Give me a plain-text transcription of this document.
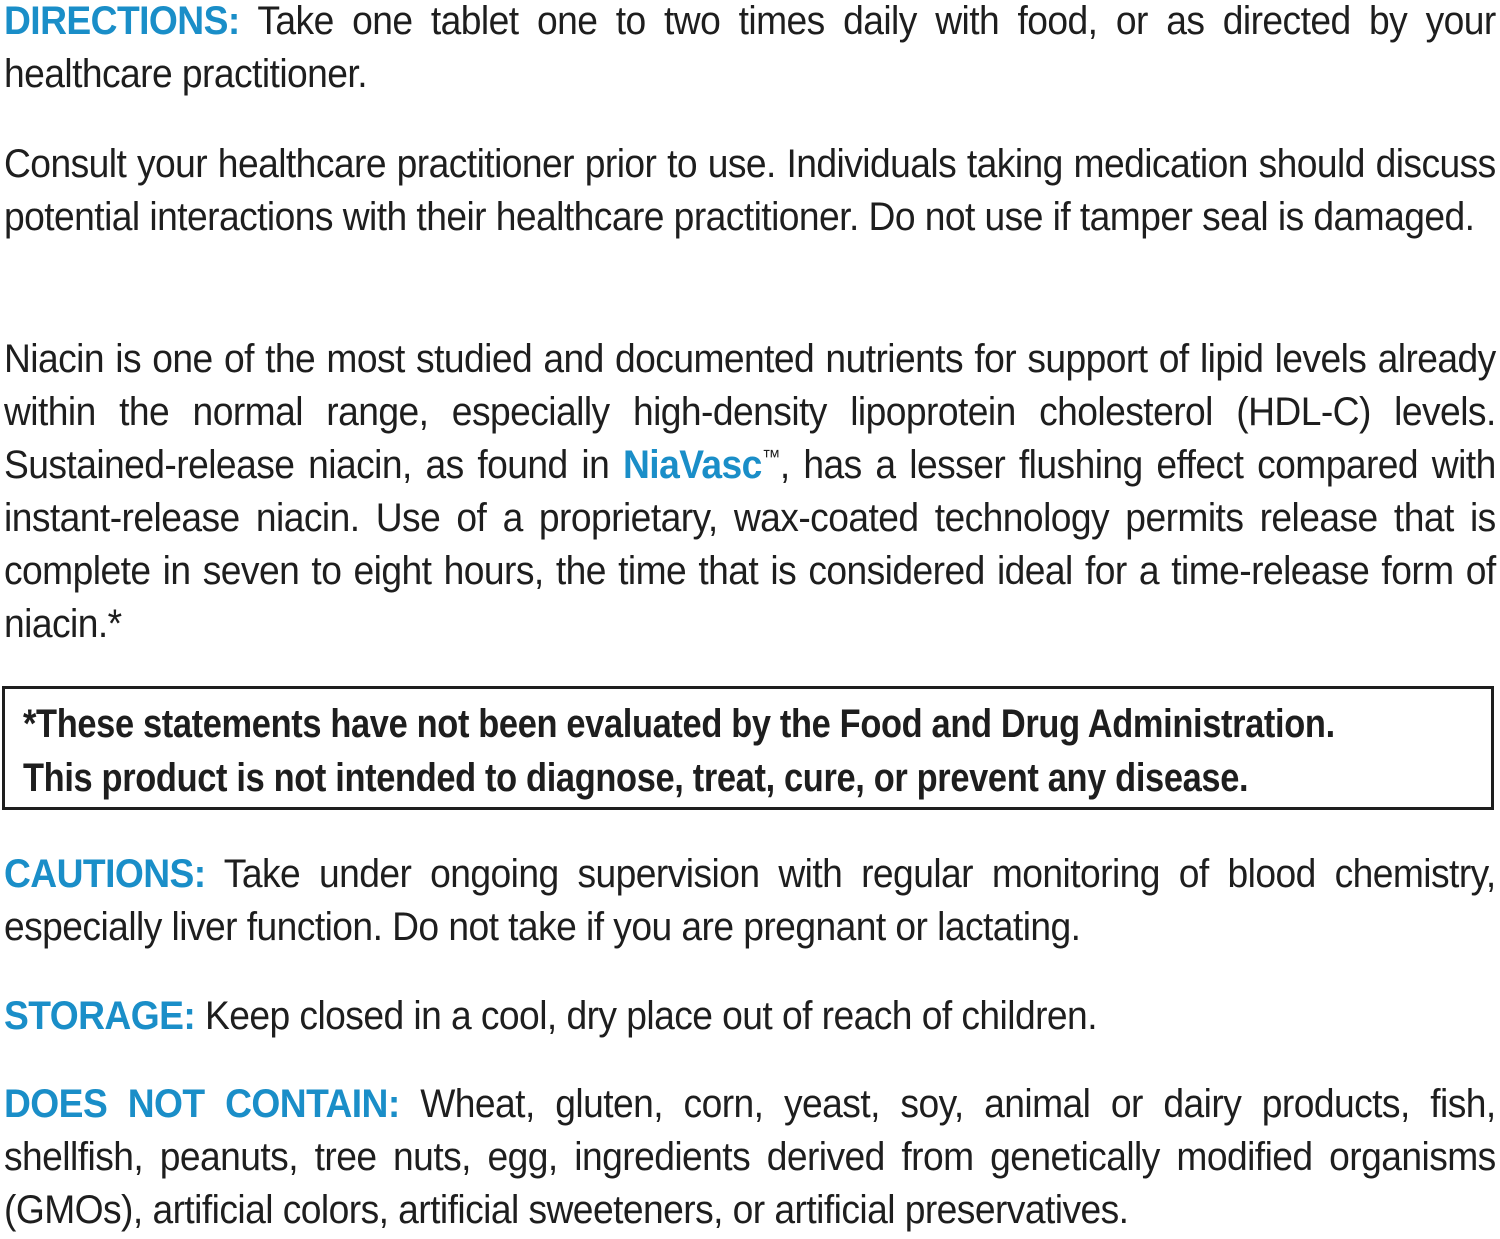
DIRECTIONS: Take one tablet one to two times daily with food, or as directed by your healthcare practitioner.

Consult your healthcare practitioner prior to use. Individuals taking medication should discuss potential interactions with their healthcare practitioner. Do not use if tamper seal is damaged.

Niacin is one of the most studied and documented nutrients for support of lipid levels already within the normal range, especially high-density lipoprotein cholesterol (HDL-C) levels. Sustained-release niacin, as found in NiaVasc™, has a lesser flushing effect compared with instant-release niacin. Use of a proprietary, wax-coated technology permits release that is complete in seven to eight hours, the time that is considered ideal for a time-release form of niacin.*

*These statements have not been evaluated by the Food and Drug Administration.
This product is not intended to diagnose, treat, cure, or prevent any disease.

CAUTIONS: Take under ongoing supervision with regular monitoring of blood chemistry, especially liver function. Do not take if you are pregnant or lactating.

STORAGE: Keep closed in a cool, dry place out of reach of children.

DOES NOT CONTAIN: Wheat, gluten, corn, yeast, soy, animal or dairy products, fish, shellfish, peanuts, tree nuts, egg, ingredients derived from genetically modified organisms (GMOs), artificial colors, artificial sweeteners, or artificial preservatives.
